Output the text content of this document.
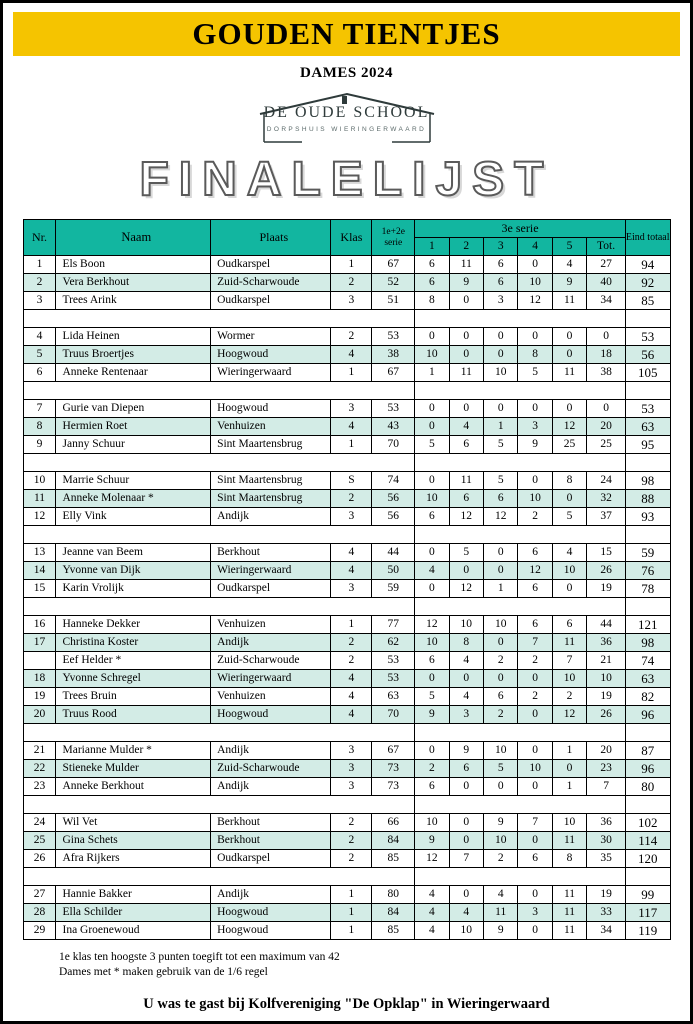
GOUDEN TIENTJES
DAMES 2024
DE OUDE SCHOOL
DORPSHUIS WIERINGERWAARD
FINALELIJST
Nr.	Naam	Plaats	Klas	1e+2e serie	3e serie						Eind totaal
					1	2	3	4	5	Tot.	
1	Els Boon	Oudkarspel	1	67	6	11	6	0	4	27	94
2	Vera Berkhout	Zuid-Scharwoude	2	52	6	9	6	10	9	40	92
3	Trees Arink	Oudkarspel	3	51	8	0	3	12	11	34	85

4	Lida Heinen	Wormer	2	53	0	0	0	0	0	0	53
5	Truus Broertjes	Hoogwoud	4	38	10	0	0	8	0	18	56
6	Anneke Rentenaar	Wieringerwaard	1	67	1	11	10	5	11	38	105

7	Gurie van Diepen	Hoogwoud	3	53	0	0	0	0	0	0	53
8	Hermien Roet	Venhuizen	4	43	0	4	1	3	12	20	63
9	Janny Schuur	Sint Maartensbrug	1	70	5	6	5	9	25	25	95

10	Marrie Schuur	Sint Maartensbrug	S	74	0	11	5	0	8	24	98
11	Anneke Molenaar *	Sint Maartensbrug	2	56	10	6	6	10	0	32	88
12	Elly Vink	Andijk	3	56	6	12	12	2	5	37	93

13	Jeanne van Beem	Berkhout	4	44	0	5	0	6	4	15	59
14	Yvonne van Dijk	Wieringerwaard	4	50	4	0	0	12	10	26	76
15	Karin Vrolijk	Oudkarspel	3	59	0	12	1	6	0	19	78

16	Hanneke Dekker	Venhuizen	1	77	12	10	10	6	6	44	121
17	Christina Koster	Andijk	2	62	10	8	0	7	11	36	98
	Eef Helder *	Zuid-Scharwoude	2	53	6	4	2	2	7	21	74
18	Yvonne Schregel	Wieringerwaard	4	53	0	0	0	0	10	10	63
19	Trees Bruin	Venhuizen	4	63	5	4	6	2	2	19	82
20	Truus Rood	Hoogwoud	4	70	9	3	2	0	12	26	96

21	Marianne Mulder *	Andijk	3	67	0	9	10	0	1	20	87
22	Stieneke Mulder	Zuid-Scharwoude	3	73	2	6	5	10	0	23	96
23	Anneke Berkhout	Andijk	3	73	6	0	0	0	1	7	80

24	Wil Vet	Berkhout	2	66	10	0	9	7	10	36	102
25	Gina Schets	Berkhout	2	84	9	0	10	0	11	30	114
26	Afra Rijkers	Oudkarspel	2	85	12	7	2	6	8	35	120

27	Hannie Bakker	Andijk	1	80	4	0	4	0	11	19	99
28	Ella Schilder	Hoogwoud	1	84	4	4	11	3	11	33	117
29	Ina Groenewoud	Hoogwoud	1	85	4	10	9	0	11	34	119
1e klas ten hoogste 3 punten toegift tot een maximum van 42
Dames met * maken gebruik van de 1/6 regel
U was te gast bij Kolfvereniging "De Opklap" in Wieringerwaard
